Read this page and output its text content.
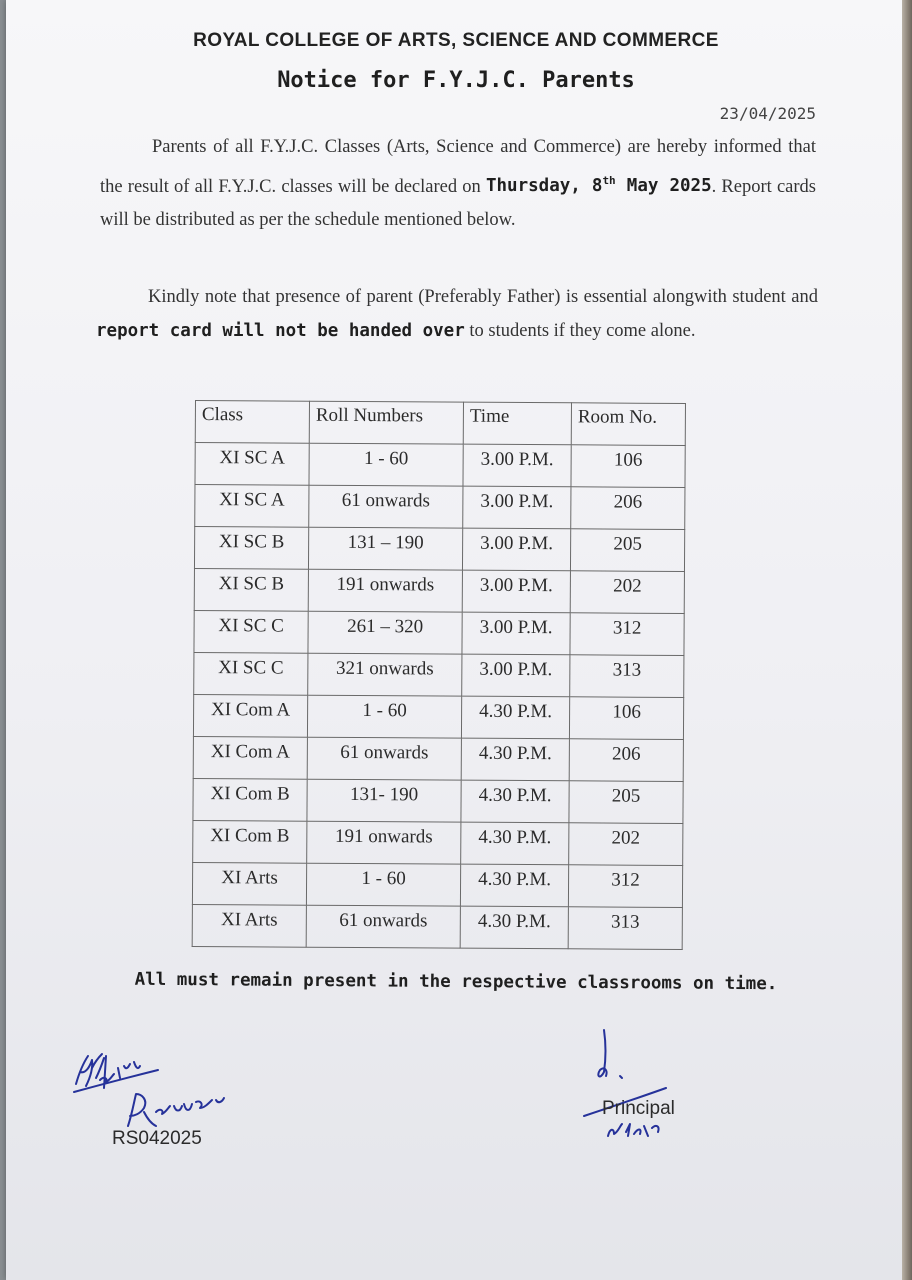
ROYAL COLLEGE OF ARTS, SCIENCE AND COMMERCE
Notice for F.Y.J.C. Parents
23/04/2025
Parents of all F.Y.J.C. Classes (Arts, Science and Commerce) are hereby informed that the result of all F.Y.J.C. classes will be declared on Thursday, 8th May 2025. Report cards will be distributed as per the schedule mentioned below.
Kindly note that presence of parent (Preferably Father) is essential alongwith student and report card will not be handed over to students if they come alone.
Class	Roll Numbers	Time	Room No.
XI SC A	1 - 60	3.00 P.M.	106
XI SC A	61 onwards	3.00 P.M.	206
XI SC B	131 – 190	3.00 P.M.	205
XI SC B	191 onwards	3.00 P.M.	202
XI SC C	261 – 320	3.00 P.M.	312
XI SC C	321 onwards	3.00 P.M.	313
XI Com A	1 - 60	4.30 P.M.	106
XI Com A	61 onwards	4.30 P.M.	206
XI Com B	131- 190	4.30 P.M.	205
XI Com B	191 onwards	4.30 P.M.	202
XI Arts	1 - 60	4.30 P.M.	312
XI Arts	61 onwards	4.30 P.M.	313
All must remain present in the respective classrooms on time.
RS042025
Principal
